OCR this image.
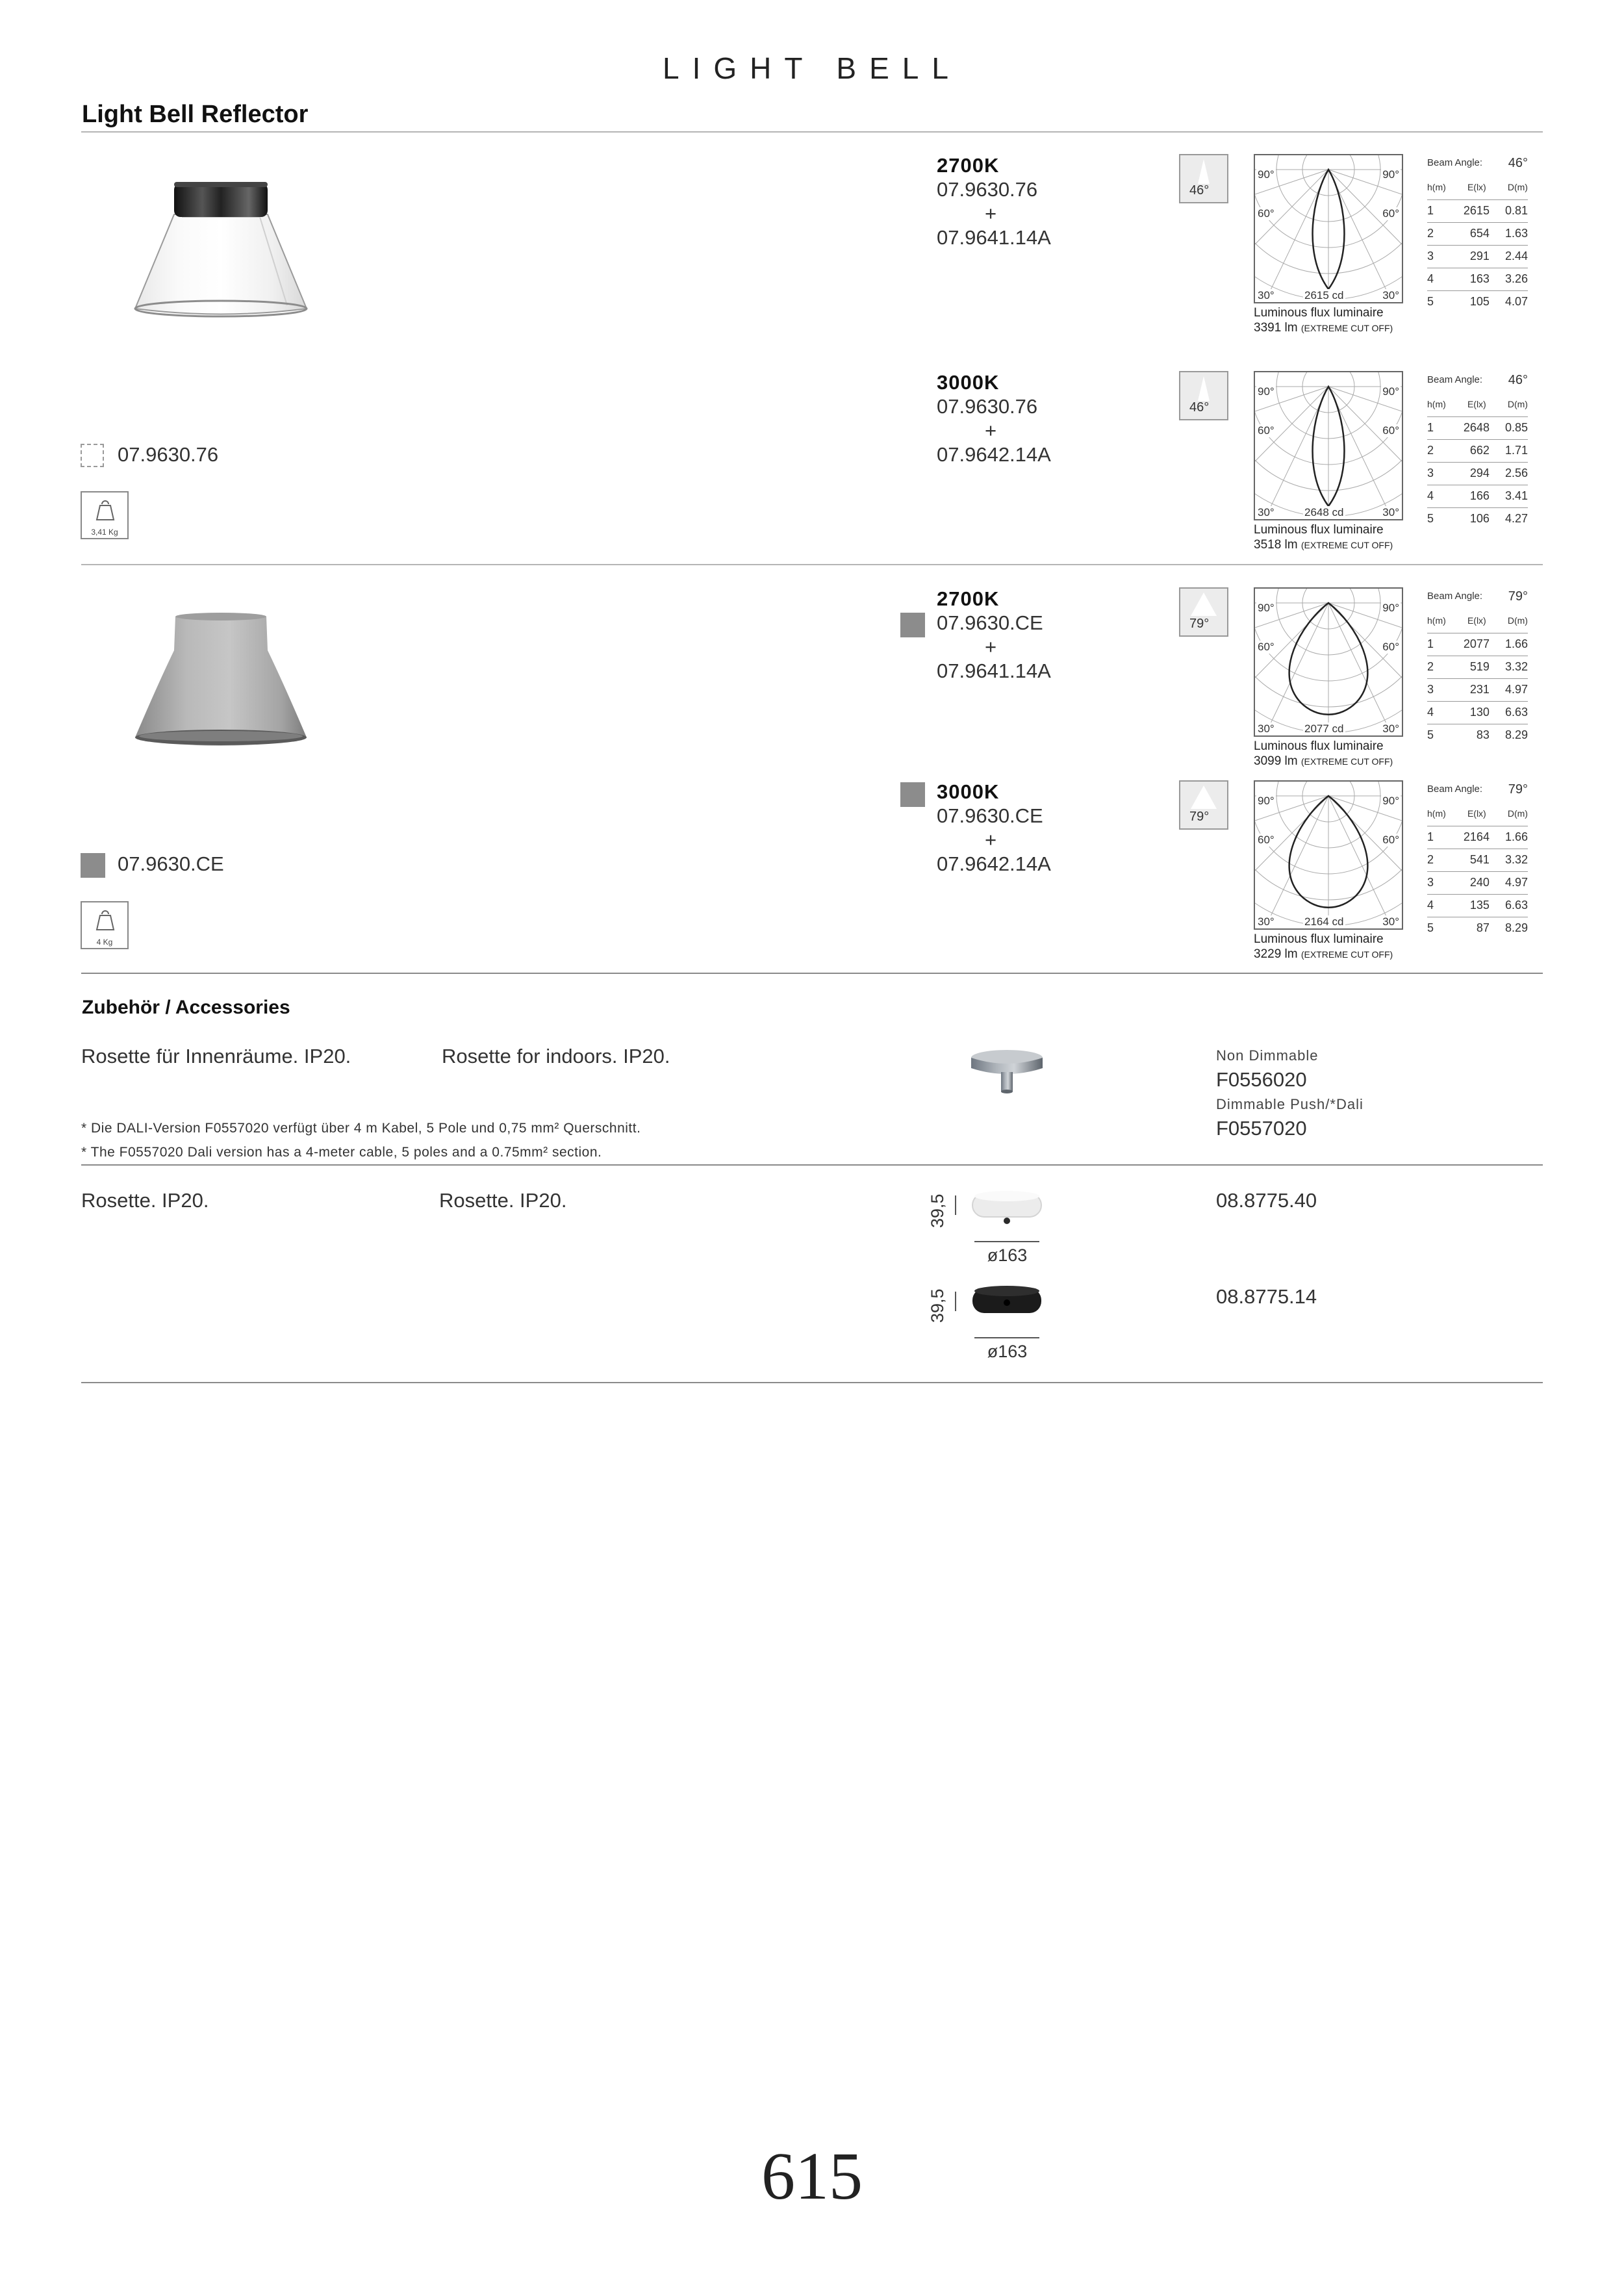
LIGHT BELL
Light Bell Reflector
07.9630.76
3,41 Kg
2700K
07.9630.76
+
07.9641.14A
46°
90°	90°
60°	60°
30°	30°
2615 cd
Luminous flux luminaire
3391 lm (EXTREME CUT OFF)
Beam Angle: 46°
h(m) E(lx) D(m)
1	2615 0.81
2	654 1.63
3	291 2.44
4	163 3.26
5	105 4.07
3000K
07.9630.76
+
07.9642.14A
46°
90°	90°
60°	60°
30°	30°
2648 cd
Luminous flux luminaire
3518 lm (EXTREME CUT OFF)
Beam Angle: 46°
h(m) E(lx) D(m)
1	2648 0.85
2	662 1.71
3	294 2.56
4	166 3.41
5	106 4.27
07.9630.CE
4 Kg
2700K
07.9630.CE
+
07.9641.14A
79°
90°	90°
60°	60°
30°	30°
2077 cd
Luminous flux luminaire
3099 lm (EXTREME CUT OFF)
Beam Angle: 79°
h(m) E(lx) D(m)
1	2077 1.66
2	519 3.32
3	231 4.97
4	130 6.63
5	83 8.29
3000K
07.9630.CE
+
07.9642.14A
79°
90°	90°
60°	60°
30°	30°
2164 cd
Luminous flux luminaire
3229 lm (EXTREME CUT OFF)
Beam Angle: 79°
h(m) E(lx) D(m)
1	2164 1.66
2	541 3.32
3	240 4.97
4	135 6.63
5	87 8.29
Zubehör / Accessories
Rosette für Innenräume. IP20.	Rosette for indoors. IP20.	Non Dimmable
F0556020
Dimmable Push/*Dali
F0557020
* Die DALI-Version F0557020 verfügt über 4 m Kabel, 5 Pole und 0,75 mm² Querschnitt.
* The F0557020 Dali version has a 4-meter cable, 5 poles and a 0.75mm² section.
Rosette. IP20.	Rosette. IP20.	39,5
ø163
08.8775.40
39,5
ø163
08.8775.14
615
